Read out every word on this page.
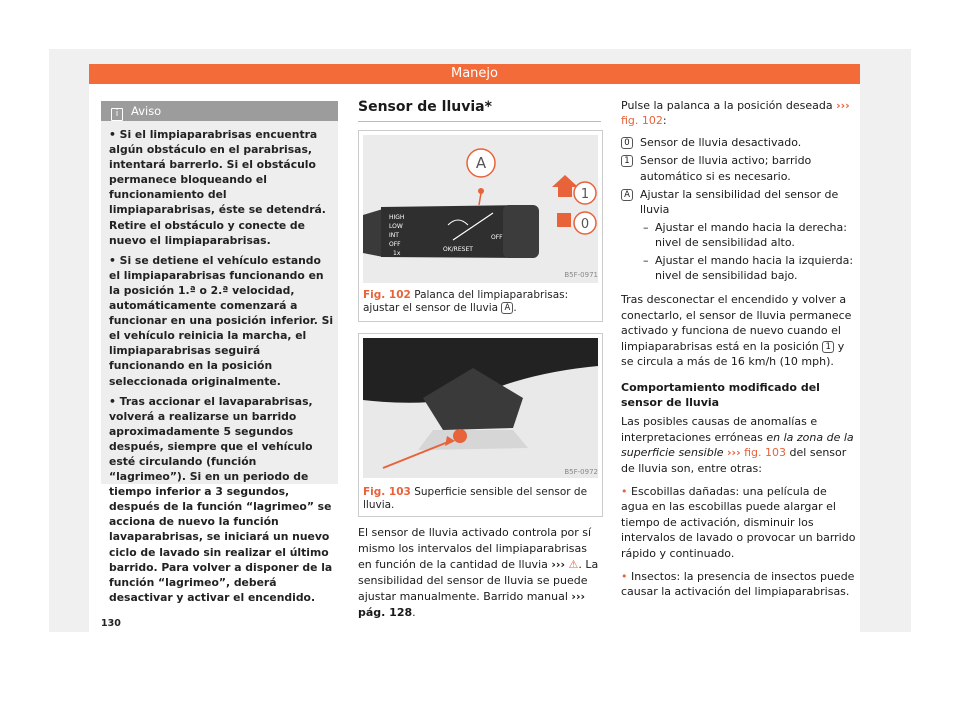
Manejo
i Aviso

• Si el limpiaparabrisas encuentra algún obstáculo en el parabrisas, intentará barrerlo. Si el obstáculo permanece bloqueando el funcionamiento del limpiaparabrisas, éste se detendrá. Retire el obstáculo y conecte de nuevo el limpiaparabrisas.

• Si se detiene el vehículo estando el limpiaparabrisas funcionando en la posición 1.ª o 2.ª velocidad, automáticamente comenzará a funcionar en una posición inferior. Si el vehículo reinicia la marcha, el limpiaparabrisas seguirá funcionando en la posición seleccionada originalmente.

• Tras accionar el lavaparabrisas, volverá a realizarse un barrido aproximadamente 5 segundos después, siempre que el vehículo esté circulando (función “lagrimeo”). Si en un periodo de tiempo inferior a 3 segundos, después de la función “lagrimeo” se acciona de nuevo la función lavaparabrisas, se iniciará un nuevo ciclo de lavado sin realizar el último barrido. Para volver a disponer de la función “lagrimeo”, deberá desactivar y activar el encendido.

Sensor de lluvia*
A
HIGH
LOW
INT
OFF
1x
OK/RESET
OFF
1
0
B5F-0971
Fig. 102 Palanca del limpiaparabrisas: ajustar el sensor de lluvia A .
B5F-0972
Fig. 103 Superficie sensible del sensor de lluvia.

El sensor de lluvia activado controla por sí mismo los intervalos del limpiaparabrisas en función de la cantidad de lluvia ››› ⚠. La sensibilidad del sensor de lluvia se puede ajustar manualmente. Barrido manual ››› pág. 128.

Pulse la palanca a la posición deseada ››› fig. 102:

0 Sensor de lluvia desactivado.

1 Sensor de lluvia activo; barrido automático si es necesario.

A Ajustar la sensibilidad del sensor de lluvia

– Ajustar el mando hacia la derecha: nivel de sensibilidad alto.

– Ajustar el mando hacia la izquierda: nivel de sensibilidad bajo.

Tras desconectar el encendido y volver a conectarlo, el sensor de lluvia permanece activado y funciona de nuevo cuando el limpiaparabrisas está en la posición 1 y se circula a más de 16 km/h (10 mph).

Comportamiento modificado del sensor de lluvia

Las posibles causas de anomalías e interpretaciones erróneas en la zona de la superficie sensible ››› fig. 103 del sensor de lluvia son, entre otras:

• Escobillas dañadas: una película de agua en las escobillas puede alargar el tiempo de activación, disminuir los intervalos de lavado o provocar un barrido rápido y continuado.

• Insectos: la presencia de insectos puede causar la activación del limpiaparabrisas.

130
